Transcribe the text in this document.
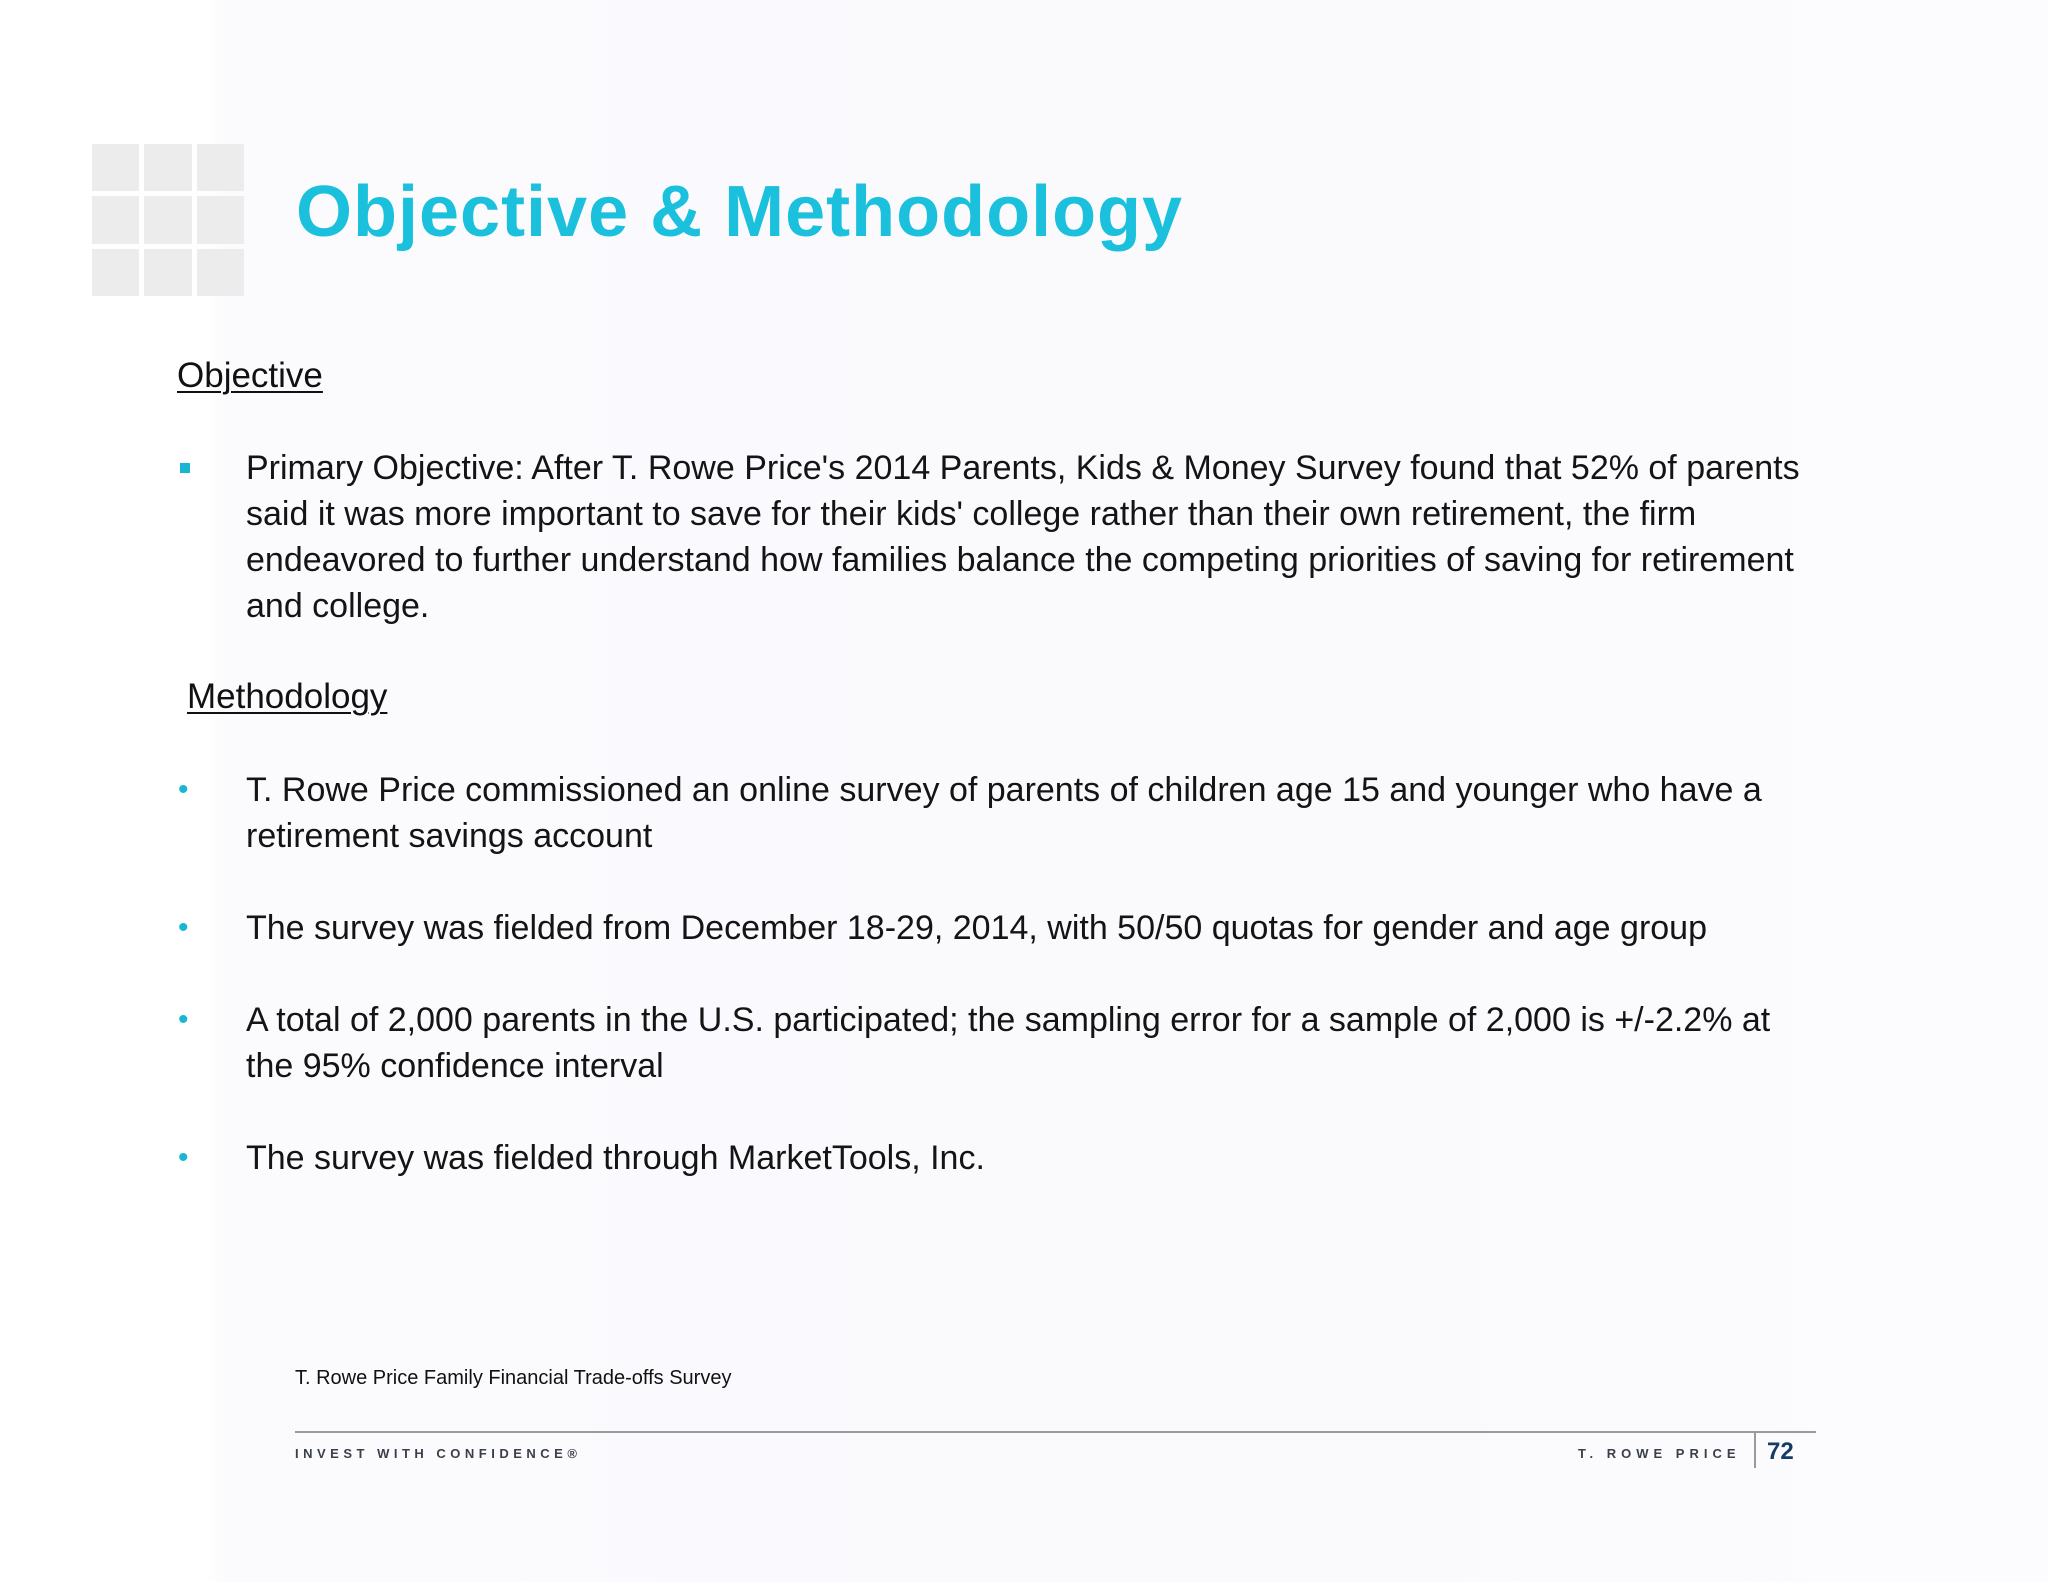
Objective & Methodology
Objective
Primary Objective: After T. Rowe Price's 2014 Parents, Kids & Money Survey found that 52% of parents said it was more important to save for their kids' college rather than their own retirement, the firm endeavored to further understand how families balance the competing priorities of saving for retirement and college.
Methodology
•	T. Rowe Price commissioned an online survey of parents of children age 15 and younger who have a retirement savings account
•	The survey was fielded from December 18-29, 2014, with 50/50 quotas for gender and age group
•	A total of 2,000 parents in the U.S. participated; the sampling error for a sample of 2,000 is +/-2.2% at the 95% confidence interval
•	The survey was fielded through MarketTools, Inc.
T. Rowe Price Family Financial Trade-offs Survey
INVEST WITH CONFIDENCE®	T. ROWE PRICE 72
